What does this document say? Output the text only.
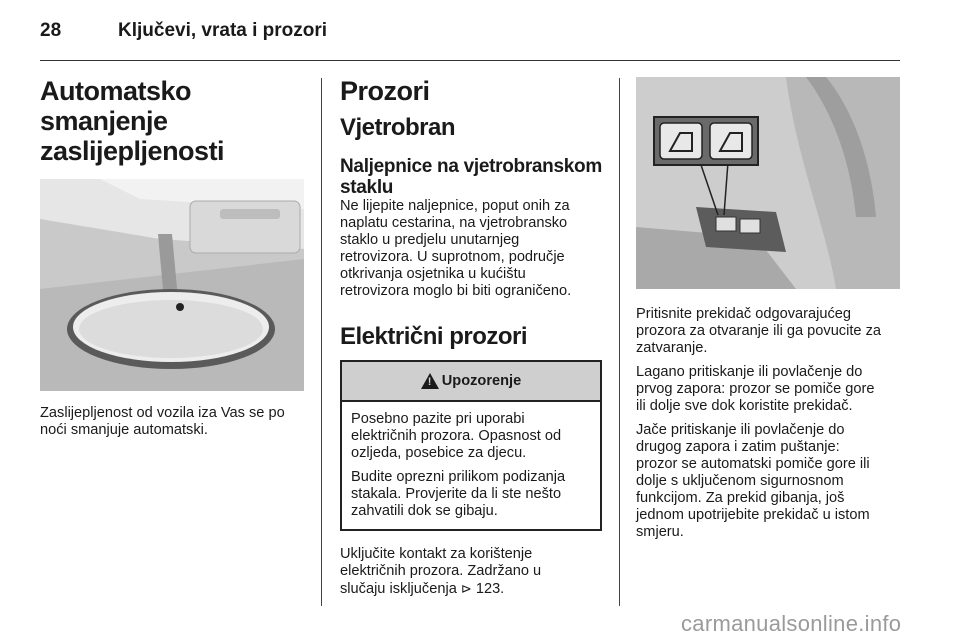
28	Ključevi, vrata i prozori
Automatsko smanjenje
zaslijepljenosti

Zaslijepljenost od vozila iza Vas se po
noći smanjuje automatski.

Prozori
Vjetrobran
Naljepnice na vjetrobranskom
staklu

Ne lijepite naljepnice, poput onih za
naplatu cestarina, na vjetrobransko
staklo u predjelu unutarnjeg
retrovizora. U suprotnom, područje
otkrivanja osjetnika u kućištu
retrovizora moglo bi biti ograničeno.

Električni prozori
! Upozorenje

Posebno pazite pri uporabi
električnih prozora. Opasnost od
ozljeda, posebice za djecu.

Budite oprezni prilikom podizanja
stakala. Provjerite da li ste nešto
zahvatili dok se gibaju.

Uključite kontakt za korištenje
električnih prozora. Zadržano u
slučaju isključenja ⊳ 123.

Pritisnite prekidač odgovarajućeg
prozora za otvaranje ili ga povucite za
zatvaranje.

Lagano pritiskanje ili povlačenje do
prvog zapora: prozor se pomiče gore
ili dolje sve dok koristite prekidač.

Jače pritiskanje ili povlačenje do
drugog zapora i zatim puštanje:
prozor se automatski pomiče gore ili
dolje s uključenom sigurnosnom
funkcijom. Za prekid gibanja, još
jednom upotrijebite prekidač u istom
smjeru.

carmanualsonline.info
